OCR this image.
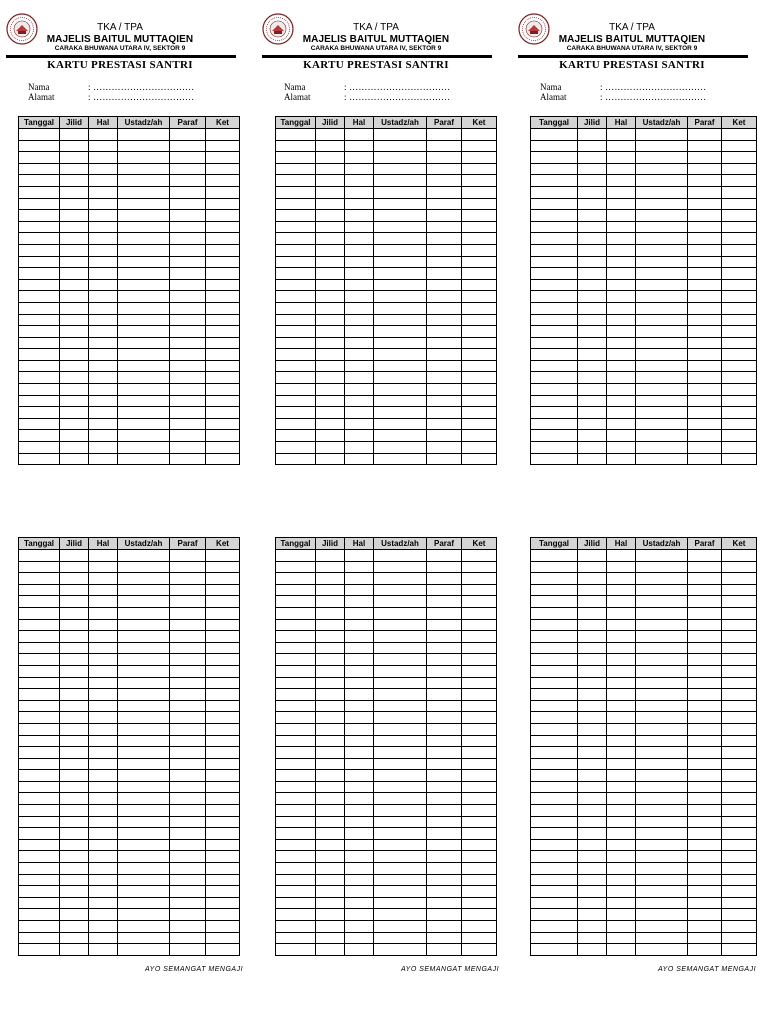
TKA / TPA
MAJELIS BAITUL MUTTAQIEN
CARAKA BHUWANA UTARA IV, SEKTOR 9
KARTU PRESTASI SANTRI
Nama	: ……………………………
Alamat	: ……………………………
TKA / TPA
MAJELIS BAITUL MUTTAQIEN
CARAKA BHUWANA UTARA IV, SEKTOR 9
KARTU PRESTASI SANTRI
Nama	: ……………………………
Alamat	: ……………………………
TKA / TPA
MAJELIS BAITUL MUTTAQIEN
CARAKA BHUWANA UTARA IV, SEKTOR 9
KARTU PRESTASI SANTRI
Nama	: ……………………………
Alamat	: ……………………………
Tanggal	Jilid	Hal	Ustadz/ah	Paraf	Ket

						Tanggal	Jilid	Hal	Ustadz/ah	Paraf	Ket

						Tanggal	Jilid	Hal	Ustadz/ah	Paraf	Ket

Tanggal	Jilid	Hal	Ustadz/ah	Paraf	Ket

						Tanggal	Jilid	Hal	Ustadz/ah	Paraf	Ket

						Tanggal	Jilid	Hal	Ustadz/ah	Paraf	Ket

AYO SEMANGAT MENGAJI	AYO SEMANGAT MENGAJI	AYO SEMANGAT MENGAJI
